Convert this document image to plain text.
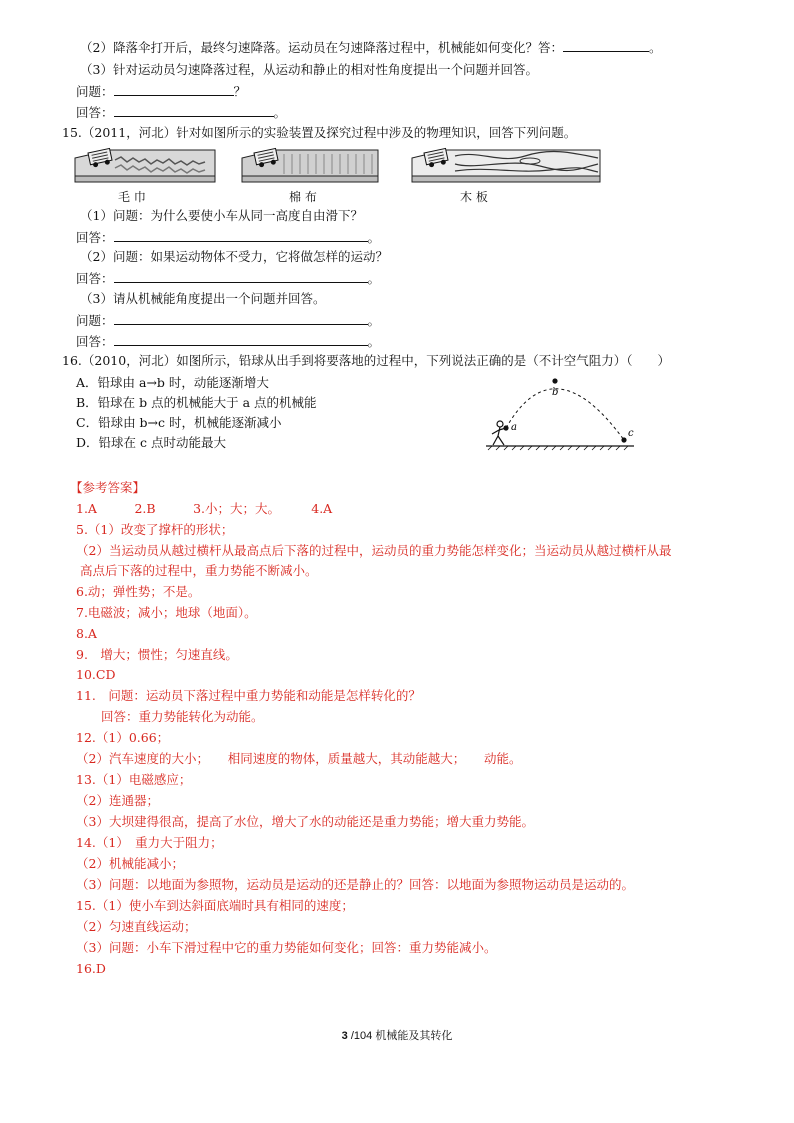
（2）降落伞打开后，最终匀速降落。运动员在匀速降落过程中，机械能如何变化？答：	。
（3）针对运动员匀速降落过程，从运动和静止的相对性角度提出一个问题并回答。
问题：	？
回答：	。
15.（2011，河北）针对如图所示的实验装置及探究过程中涉及的物理知识，回答下列问题。
毛 巾	棉 布	木 板
（1）问题：为什么要使小车从同一高度自由滑下？
回答：	。
（2）问题：如果运动物体不受力，它将做怎样的运动？
回答：	。
（3）请从机械能角度提出一个问题并回答。
问题：	。
回答：	。
16.（2010，河北）如图所示，铅球从出手到将要落地的过程中，下列说法正确的是（不计空气阻力）（　　）
A．铅球由 a→b 时，动能逐渐增大
B．铅球在 b 点的机械能大于 a 点的机械能
C．铅球由 b→c 时，机械能逐渐减小
D．铅球在 c 点时动能最大
a
b
c
【参考答案】
1.A　　　2.B　　　3.小；大；大。　　　4.A
5.（1）改变了撑杆的形状；
（2）当运动员从越过横杆从最高点后下落的过程中，运动员的重力势能怎样变化；当运动员从越过横杆从最
高点后下落的过程中，重力势能不断减小。
6.动；弹性势；不是。
7.电磁波；减小；地球（地面）。
8.A
9.　增大；惯性；匀速直线。
10.CD
11.　问题：运动员下落过程中重力势能和动能是怎样转化的？
　　回答：重力势能转化为动能。
12.（1）0.66；
（2）汽车速度的大小；　　相同速度的物体，质量越大，其动能越大；　　动能。
13.（1）电磁感应；
（2）连通器；
（3）大坝建得很高，提高了水位，增大了水的动能还是重力势能；增大重力势能。
14.（1）　重力大于阻力；
（2）机械能减小；
（3）问题：以地面为参照物，运动员是运动的还是静止的？回答：以地面为参照物运动员是运动的。
15.（1）使小车到达斜面底端时具有相同的速度；
（2）匀速直线运动；
（3）问题：小车下滑过程中它的重力势能如何变化；回答：重力势能减小。
16.D
3 /104 机械能及其转化
